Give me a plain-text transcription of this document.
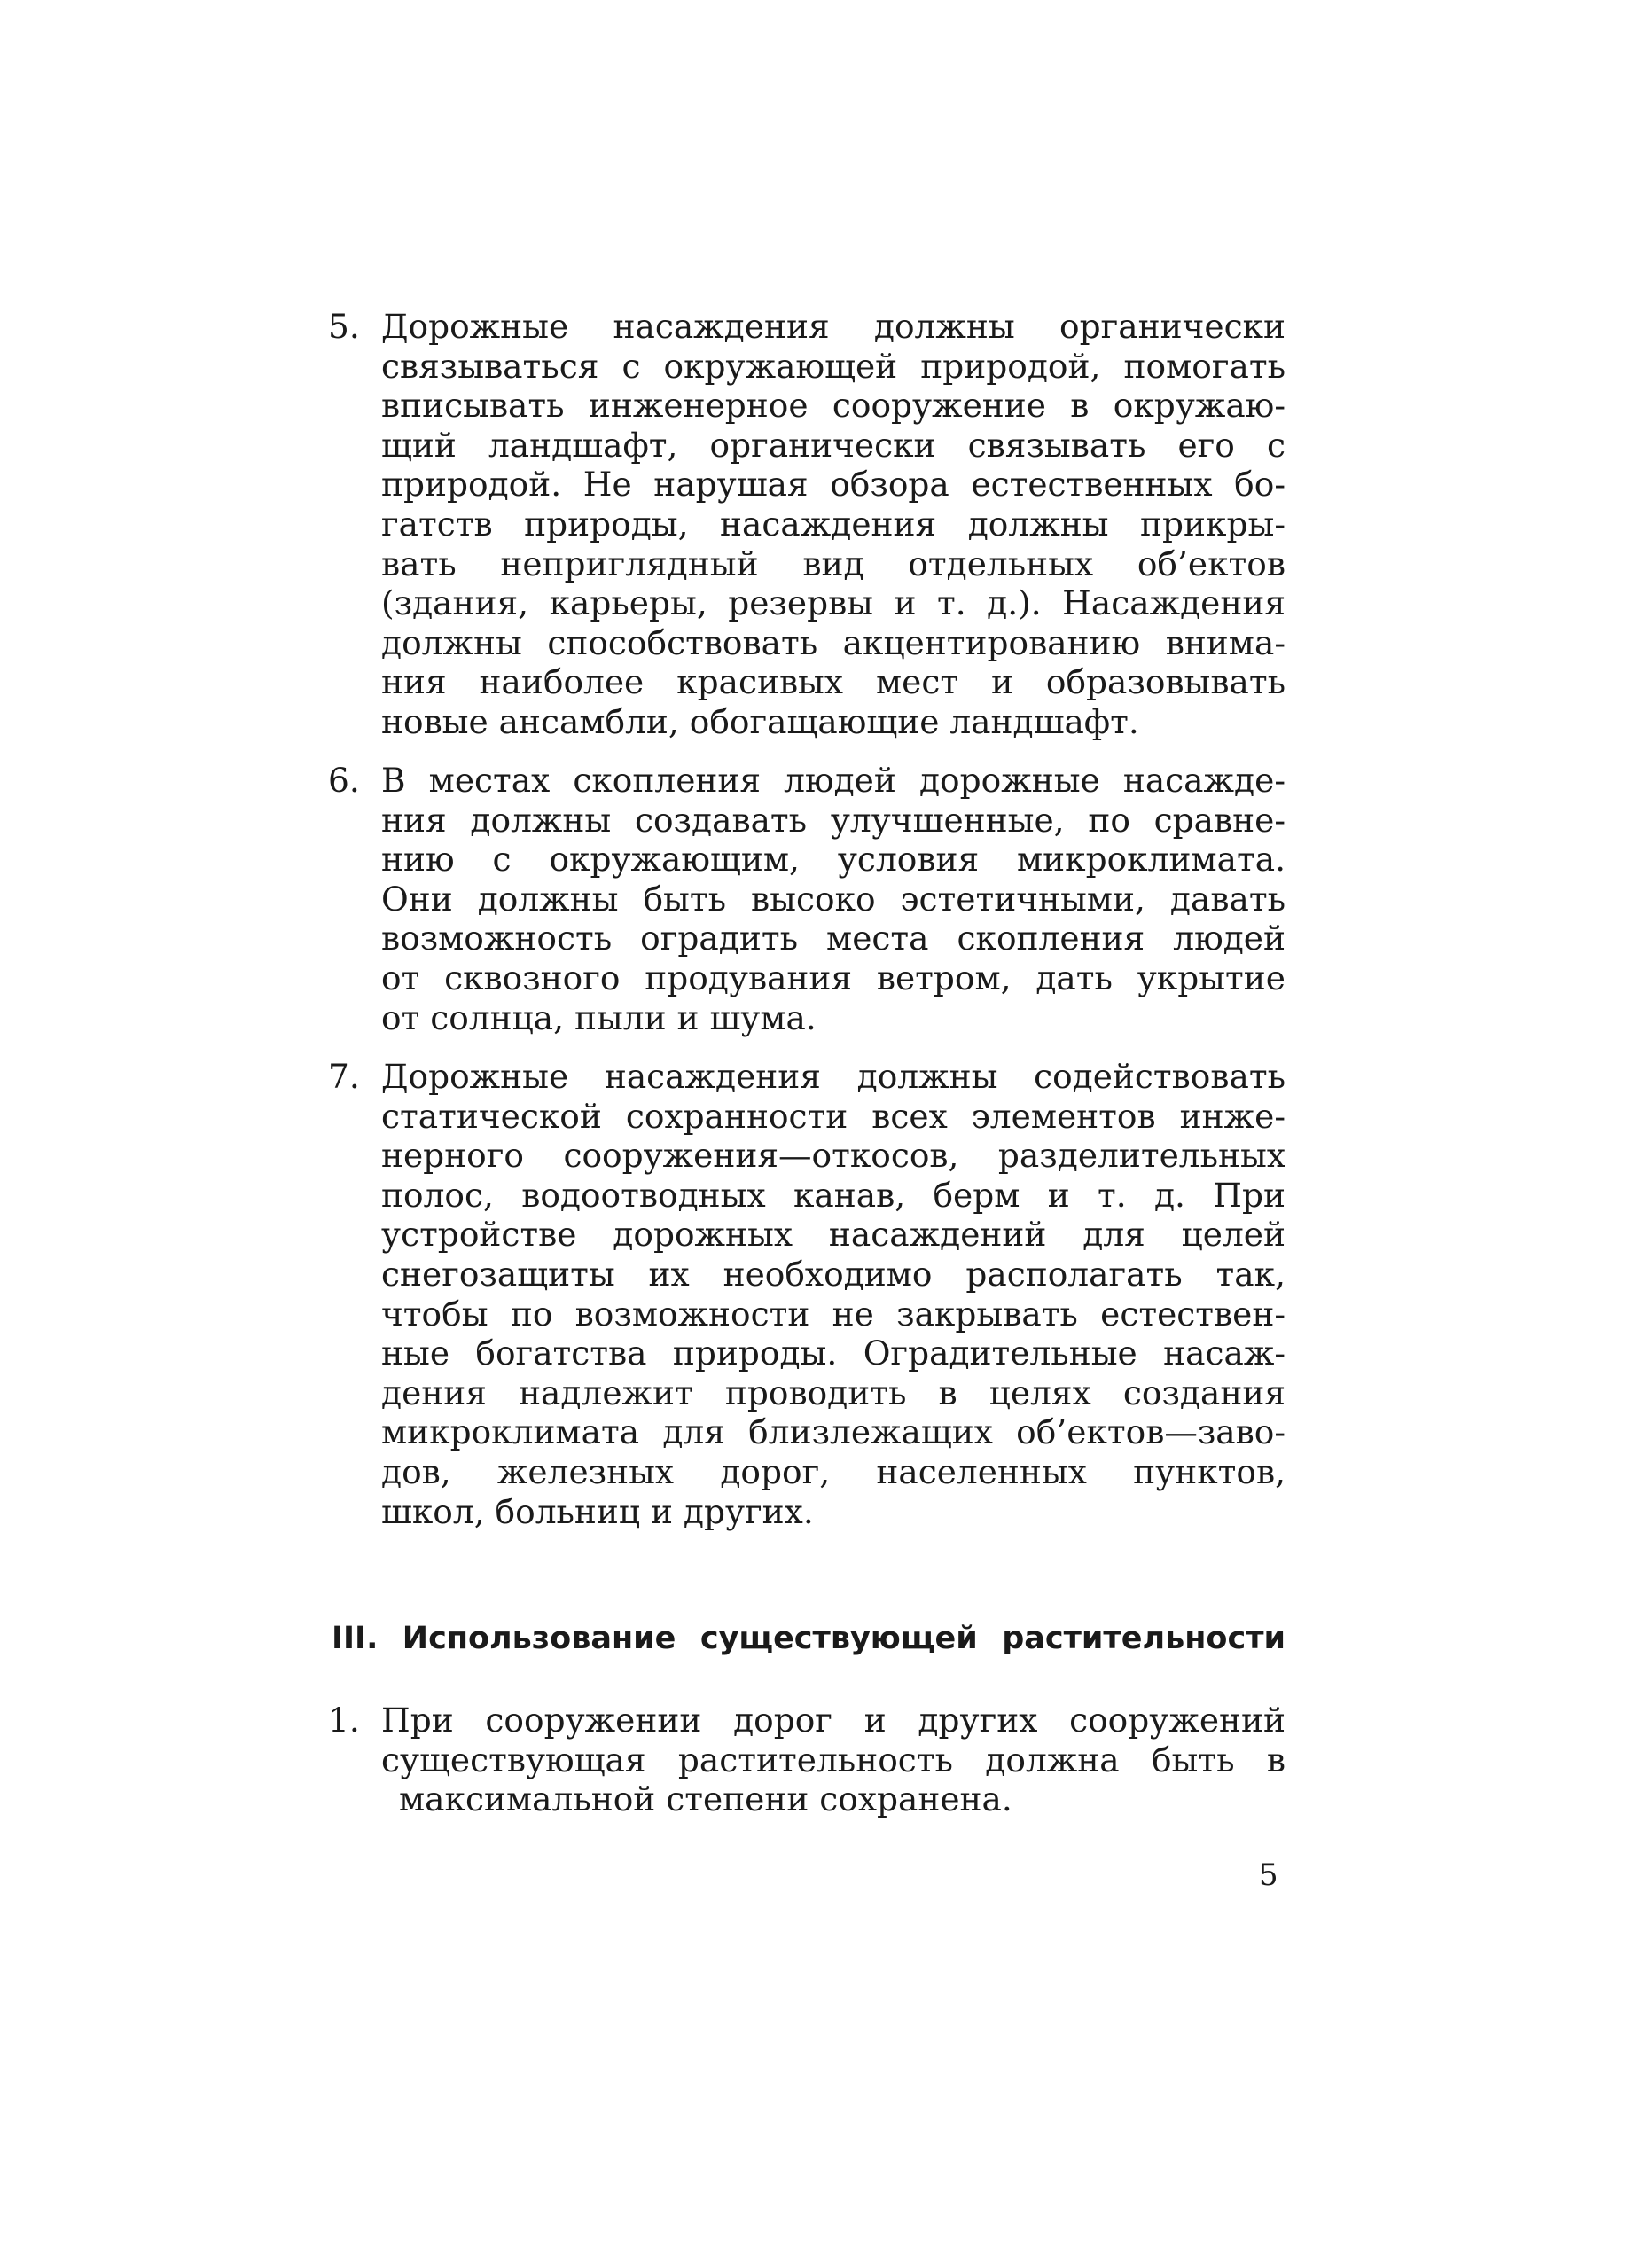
5. Дорожные насаждения должны органически
связываться с окружающей природой, помогать
вписывать инженерное сооружение в окружаю-
щий ландшафт, органически связывать его с
природой. Не нарушая обзора естественных бо-
гатств природы, насаждения должны прикры-
вать неприглядный вид отдельных об’ектов
(здания, карьеры, резервы и т. д.). Насаждения
должны способствовать акцентированию внима-
ния наиболее красивых мест и образовывать
новые ансамбли, обогащающие ландшафт.
6. В местах скопления людей дорожные насажде-
ния должны создавать улучшенные, по сравне-
нию с окружающим, условия микроклимата.
Они должны быть высоко эстетичными, давать
возможность оградить места скопления людей
от сквозного продувания ветром, дать укрытие
от солнца, пыли и шума.
7. Дорожные насаждения должны содействовать
статической сохранности всех элементов инже-
нерного сооружения—откосов, разделительных
полос, водоотводных канав, берм и т. д. При
устройстве дорожных насаждений для целей
снегозащиты их необходимо располагать так,
чтобы по возможности не закрывать естествен-
ные богатства природы. Оградительные насаж-
дения надлежит проводить в целях создания
микроклимата для близлежащих об’ектов—заво-
дов, железных дорог, населенных пунктов,
школ, больниц и других.
III. Использование существующей растительности
1. При сооружении дорог и других сооружений
существующая растительность должна быть в
максимальной степени сохранена.
5
